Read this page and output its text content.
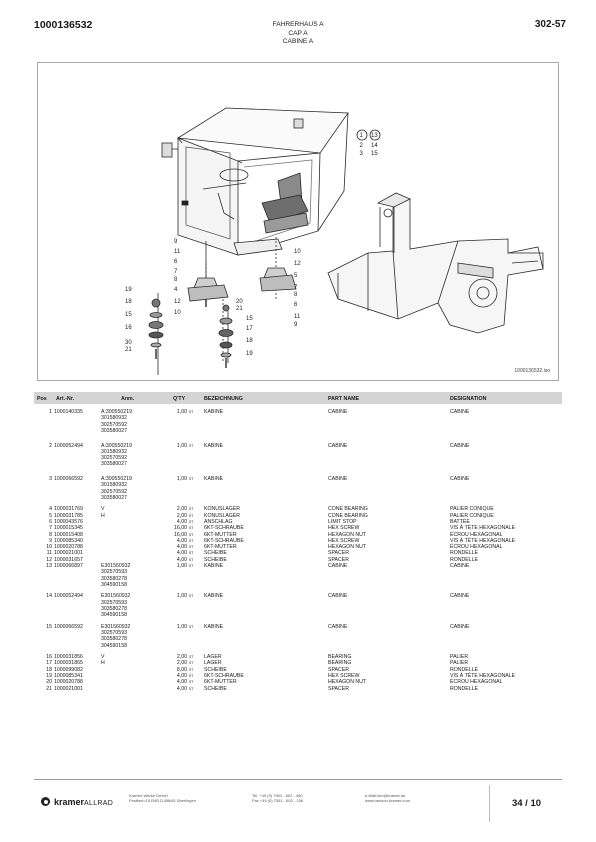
1000136532	FAHRERHAUS A
CAP A
CABINE A
302-57
1 13
2 14
3 15
19
18
15
16
30
21
9
11
6
7
8
4
12
10
20
21
15
17
18
19
10
12
5
7
8
6
11
9
1000136532.iso
Pos Art.-Nr.	Anm.	Q'TY	BEZEICHNUNG	PART NAME	DESIGNATION
1 1000140335	A:300550219
301580932
302570592
303580027
1,00 ST KABINE	CABINE	CABINE
2 1000052494	A:300550219
301580932
302570592
303580027
1,00 ST KABINE	CABINE	CABINE
3 1000066592	A:300550219
301580932
302570592
303580027
1,00 ST KABINE	CABINE	CABINE
4 1000031769	V	2,00 ST KONUSLAGER	CONE BEARING	PALIER CONIQUE
5 1000031785	H	2,00 ST KONUSLAGER	CONE BEARING	PALIER CONIQUE
6 1000043576	4,00 ST ANSCHLAG	LIMIT STOP	BATTÉE
7 1000015345	16,00 ST 6KT-SCHRAUBE	HEX SCREW	VIS À TÊTE HEXAGONALE
8 1000015408	16,00 ST 6KT-MUTTER	HEXAGON NUT	ÉCROU HEXAGONAL
9 1000085340	4,00 ST 6KT-SCHRAUBE	HEX SCREW	VIS À TÊTE HEXAGONALE
10 1000020788	4,00 ST 6KT-MUTTER	HEXAGON NUT	ÉCROU HEXAGONAL
11 1000021001	4,00 ST SCHEIBE	SPACER	RONDELLE
12 1000031657	4,00 ST SCHEIBE	SPACER	RONDELLE
13 1000066897	E301560932
302570593
303580278
304590158
1,00 ST KABINE	CABINE	CABINE
14 1000052494	E301560932
302570593
303580278
304590158
1,00 ST KABINE	CABINE	CABINE
15 1000066592	E301560932
302570593
303580278
304590158
1,00 ST KABINE	CABINE	CABINE
16 1000031856	V	2,00 ST LAGER	BEARING	PALIER
17 1000031865	H	2,00 ST LAGER	BEARING	PALIER
18 1000099082	8,00 ST SCHEIBE	SPACER	RONDELLE
19 1000085341	4,00 ST 6KT-SCHRAUBE	HEX SCREW	VIS À TÊTE HEXAGONALE
20 1000020788	4,00 ST 6KT-MUTTER	HEXAGON NUT	ÉCROU HEXAGONAL
21 1000021001	4,00 ST SCHEIBE	SPACER	RONDELLE
kramerALLRAD
Kramer-Werke GmbH
Postfach 101563 D-88645 Überlingen
Tel. +49 (0) 7551 - 602 - 450
Fax +49 (0) 7551 - 602 - 156
e-Mail:info@kramer.de
www.neuson-kramer.com	34 / 10
